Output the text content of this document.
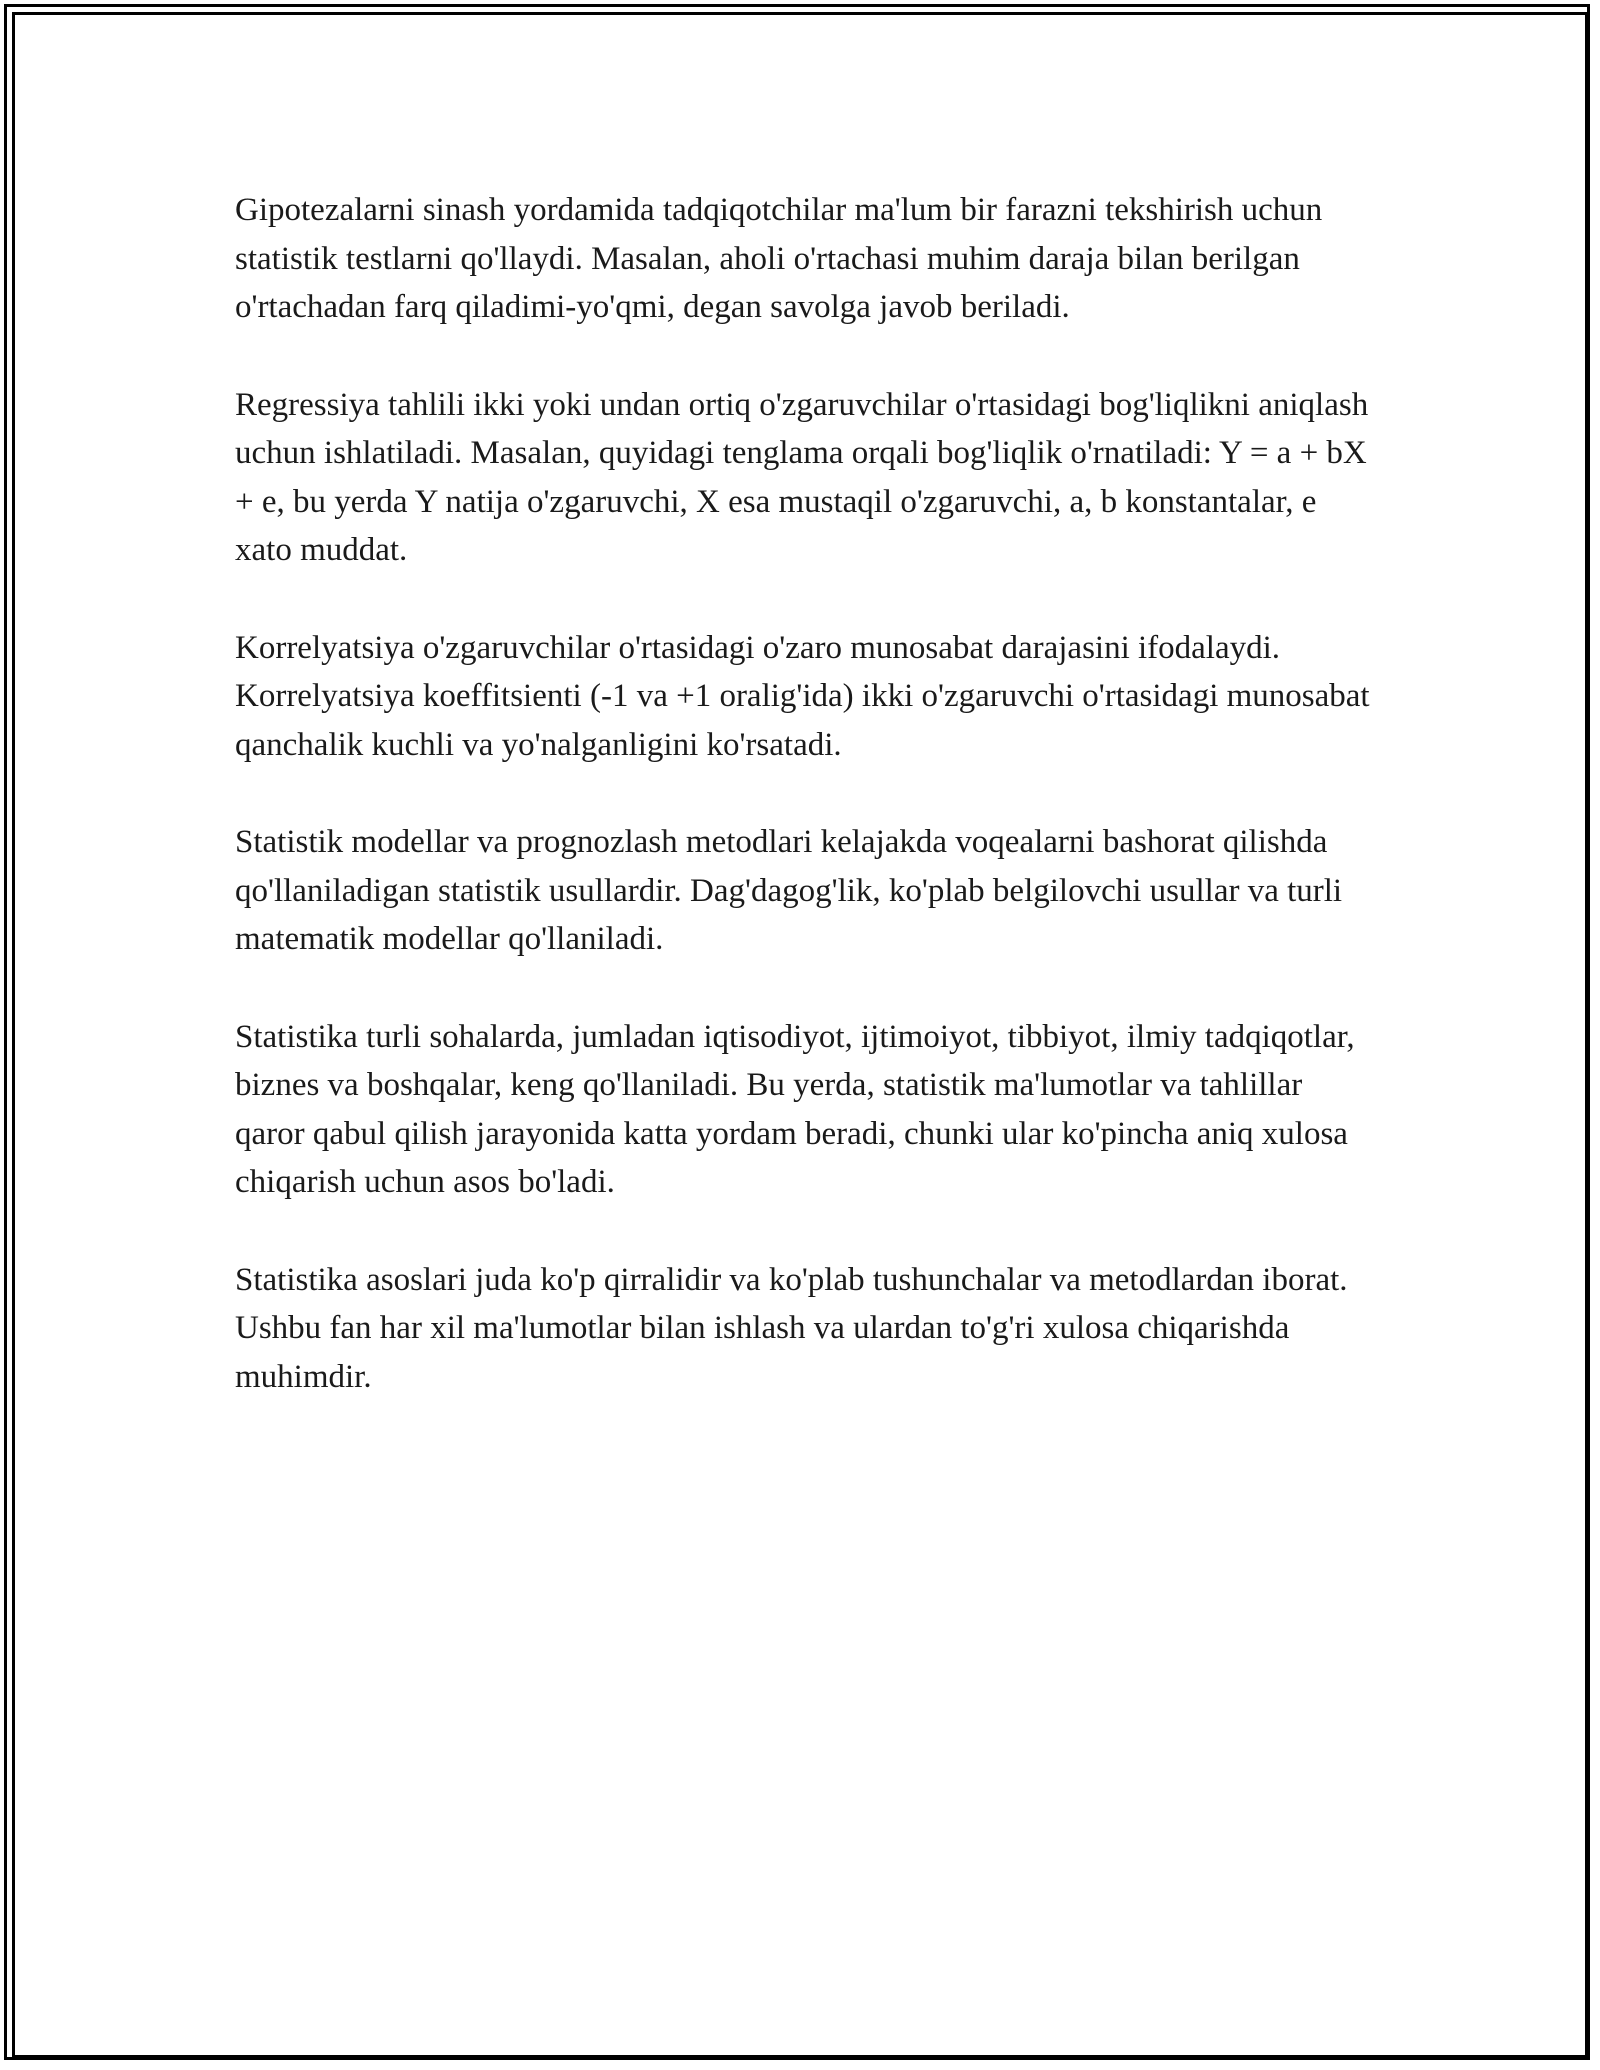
Gipotezalarni sinash yordamida tadqiqotchilar ma'lum bir farazni tekshirish uchun statistik testlarni qo'llaydi. Masalan, aholi o'rtachasi muhim daraja bilan berilgan o'rtachadan farq qiladimi-yo'qmi, degan savolga javob beriladi.

Regressiya tahlili ikki yoki undan ortiq o'zgaruvchilar o'rtasidagi bog'liqlikni aniqlash uchun ishlatiladi. Masalan, quyidagi tenglama orqali bog'liqlik o'rnatiladi: Y = a + bX + e, bu yerda Y natija o'zgaruvchi, X esa mustaqil o'zgaruvchi, a, b konstantalar, e xato muddat.

Korrelyatsiya o'zgaruvchilar o'rtasidagi o'zaro munosabat darajasini ifodalaydi. Korrelyatsiya koeffitsienti (-1 va +1 oralig'ida) ikki o'zgaruvchi o'rtasidagi munosabat qanchalik kuchli va yo'nalganligini ko'rsatadi.

Statistik modellar va prognozlash metodlari kelajakda voqealarni bashorat qilishda qo'llaniladigan statistik usullardir. Dag'dagog'lik, ko'plab belgilovchi usullar va turli matematik modellar qo'llaniladi.

Statistika turli sohalarda, jumladan iqtisodiyot, ijtimoiyot, tibbiyot, ilmiy tadqiqotlar, biznes va boshqalar, keng qo'llaniladi. Bu yerda, statistik ma'lumotlar va tahlillar qaror qabul qilish jarayonida katta yordam beradi, chunki ular ko'pincha aniq xulosa chiqarish uchun asos bo'ladi.

Statistika asoslari juda ko'p qirralidir va ko'plab tushunchalar va metodlardan iborat. Ushbu fan har xil ma'lumotlar bilan ishlash va ulardan to'g'ri xulosa chiqarishda muhimdir.
